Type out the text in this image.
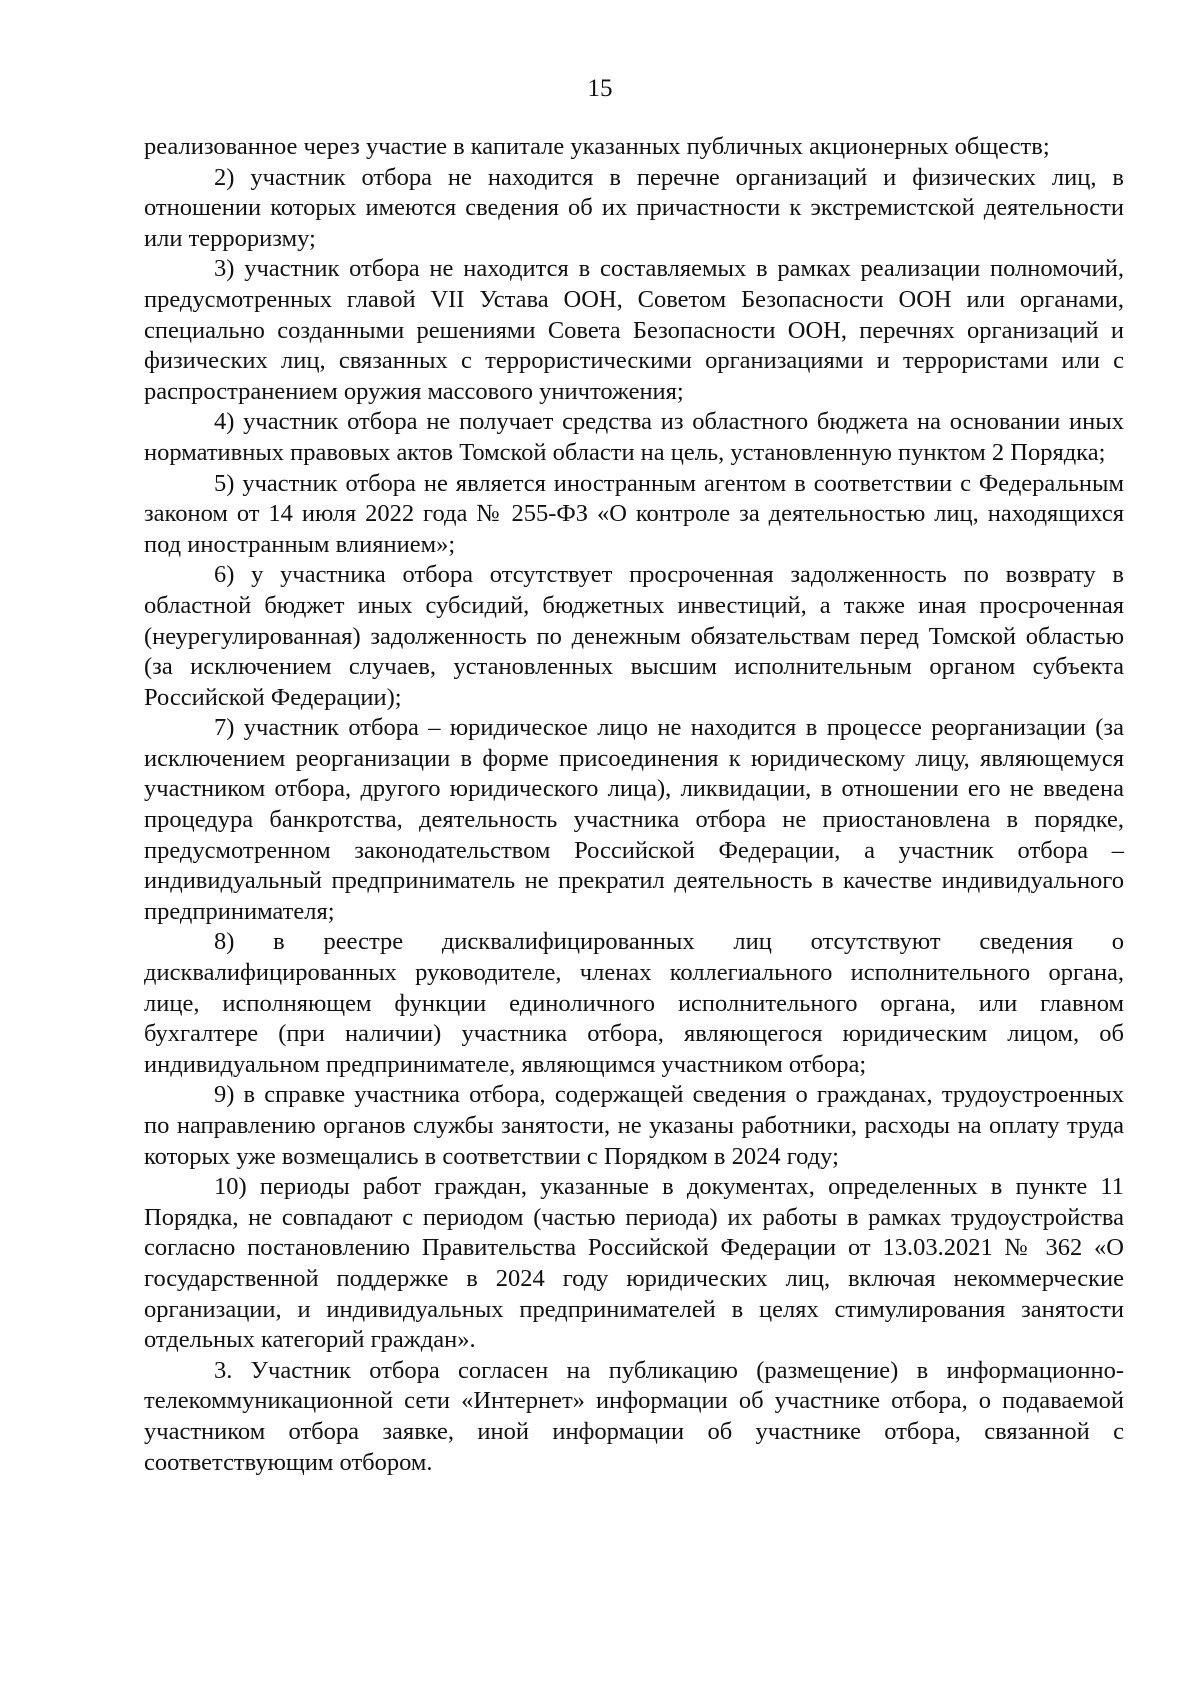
15

реализованное через участие в капитале указанных публичных акционерных обществ;

2) участник отбора не находится в перечне организаций и физических лиц, в отношении которых имеются сведения об их причастности к экстремистской деятельности или терроризму;

3) участник отбора не находится в составляемых в рамках реализации полномочий, предусмотренных главой VII Устава ООН, Советом Безопасности ООН или органами, специально созданными решениями Совета Безопасности ООН, перечнях организаций и физических лиц, связанных с террористическими организациями и террористами или с распространением оружия массового уничтожения;

4) участник отбора не получает средства из областного бюджета на основании иных нормативных правовых актов Томской области на цель, установленную пунктом 2 Порядка;

5) участник отбора не является иностранным агентом в соответствии с Федеральным законом от 14 июля 2022 года № 255-ФЗ «О контроле за деятельностью лиц, находящихся под иностранным влиянием»;

6) у участника отбора отсутствует просроченная задолженность по возврату в областной бюджет иных субсидий, бюджетных инвестиций, а также иная просроченная (неурегулированная) задолженность по денежным обязательствам перед Томской областью (за исключением случаев, установленных высшим исполнительным органом субъекта Российской Федерации);

7) участник отбора – юридическое лицо не находится в процессе реорганизации (за исключением реорганизации в форме присоединения к юридическому лицу, являющемуся участником отбора, другого юридического лица), ликвидации, в отношении его не введена процедура банкротства, деятельность участника отбора не приостановлена в порядке, предусмотренном законодательством Российской Федерации, а участник отбора – индивидуальный предприниматель не прекратил деятельность в качестве индивидуального предпринимателя;

8) в реестре дисквалифицированных лиц отсутствуют сведения о дисквалифицированных руководителе, членах коллегиального исполнительного органа, лице, исполняющем функции единоличного исполнительного органа, или главном бухгалтере (при наличии) участника отбора, являющегося юридическим лицом, об индивидуальном предпринимателе, являющимся участником отбора;

9) в справке участника отбора, содержащей сведения о гражданах, трудоустроенных по направлению органов службы занятости, не указаны работники, расходы на оплату труда которых уже возмещались в соответствии с Порядком в 2024 году;

10) периоды работ граждан, указанные в документах, определенных в пункте 11 Порядка, не совпадают с периодом (частью периода) их работы в рамках трудоустройства согласно постановлению Правительства Российской Федерации от 13.03.2021 № 362 «О государственной поддержке в 2024 году юридических лиц, включая некоммерческие организации, и индивидуальных предпринимателей в целях стимулирования занятости отдельных категорий граждан».

3. Участник отбора согласен на публикацию (размещение) в информационно-телекоммуникационной сети «Интернет» информации об участнике отбора, о подаваемой участником отбора заявке, иной информации об участнике отбора, связанной с соответствующим отбором.
